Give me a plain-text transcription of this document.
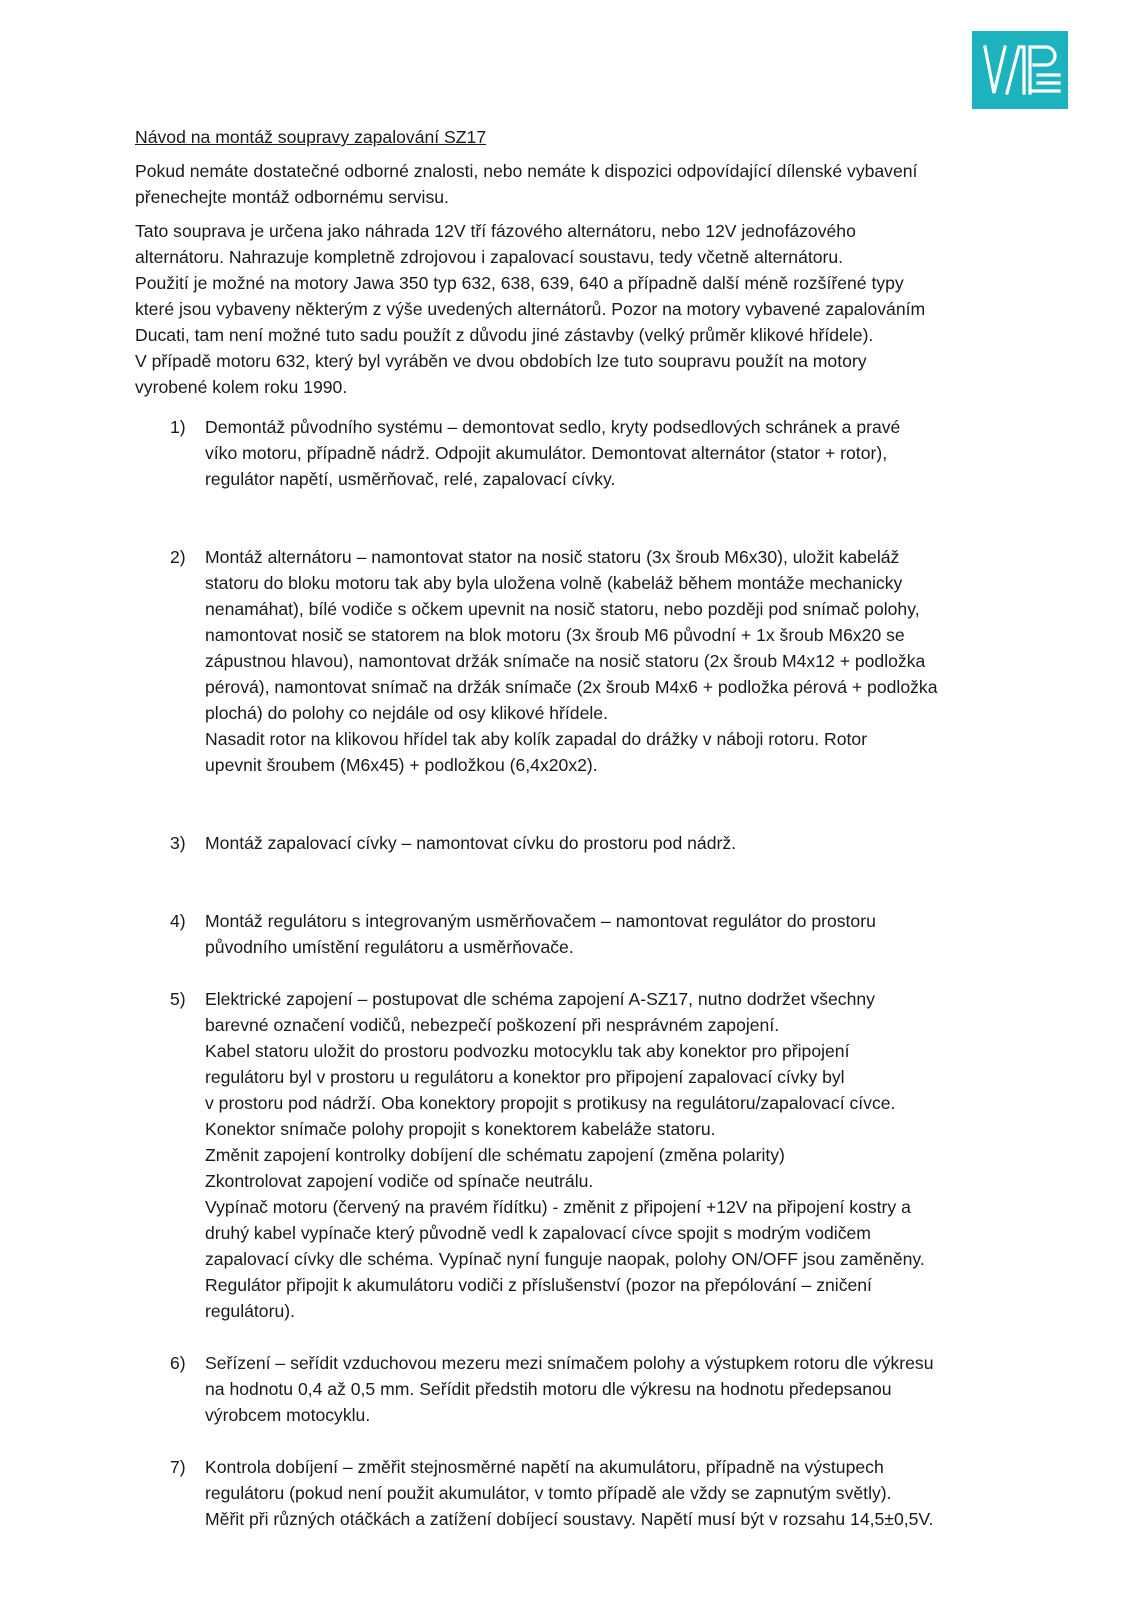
Návod na montáž soupravy zapalování SZ17
Pokud nemáte dostatečné odborné znalosti, nebo nemáte k dispozici odpovídající dílenské vybavení
přenechejte montáž odbornému servisu.
Tato souprava je určena jako náhrada 12V tří fázového alternátoru, nebo 12V jednofázového
alternátoru. Nahrazuje kompletně zdrojovou i zapalovací soustavu, tedy včetně alternátoru.
Použití je možné na motory Jawa 350 typ 632, 638, 639, 640 a případně další méně rozšířené typy
které jsou vybaveny některým z výše uvedených alternátorů. Pozor na motory vybavené zapalováním
Ducati, tam není možné tuto sadu použít z důvodu jiné zástavby (velký průměr klikové hřídele).
V případě motoru 632, který byl vyráběn ve dvou obdobích lze tuto soupravu použít na motory
vyrobené kolem roku 1990.
1) Demontáž původního systému – demontovat sedlo, kryty podsedlových schránek a pravé
víko motoru, případně nádrž. Odpojit akumulátor. Demontovat alternátor (stator + rotor),
regulátor napětí, usměrňovač, relé, zapalovací cívky.
2) Montáž alternátoru – namontovat stator na nosič statoru (3x šroub M6x30), uložit kabeláž
statoru do bloku motoru tak aby byla uložena volně (kabeláž během montáže mechanicky
nenamáhat), bílé vodiče s očkem upevnit na nosič statoru, nebo později pod snímač polohy,
namontovat nosič se statorem na blok motoru (3x šroub M6 původní + 1x šroub M6x20 se
zápustnou hlavou), namontovat držák snímače na nosič statoru (2x šroub M4x12 + podložka
pérová), namontovat snímač na držák snímače (2x šroub M4x6 + podložka pérová + podložka
plochá) do polohy co nejdále od osy klikové hřídele.
Nasadit rotor na klikovou hřídel tak aby kolík zapadal do drážky v náboji rotoru. Rotor
upevnit šroubem (M6x45) + podložkou (6,4x20x2).
3) Montáž zapalovací cívky – namontovat cívku do prostoru pod nádrž.
4) Montáž regulátoru s integrovaným usměrňovačem – namontovat regulátor do prostoru
původního umístění regulátoru a usměrňovače.
5) Elektrické zapojení – postupovat dle schéma zapojení A-SZ17, nutno dodržet všechny
barevné označení vodičů, nebezpečí poškození při nesprávném zapojení.
Kabel statoru uložit do prostoru podvozku motocyklu tak aby konektor pro připojení
regulátoru byl v prostoru u regulátoru a konektor pro připojení zapalovací cívky byl
v prostoru pod nádrží. Oba konektory propojit s protikusy na regulátoru/zapalovací cívce.
Konektor snímače polohy propojit s konektorem kabeláže statoru.
Změnit zapojení kontrolky dobíjení dle schématu zapojení (změna polarity)
Zkontrolovat zapojení vodiče od spínače neutrálu.
Vypínač motoru (červený na pravém řídítku) - změnit z připojení +12V na připojení kostry a
druhý kabel vypínače který původně vedl k zapalovací cívce spojit s modrým vodičem
zapalovací cívky dle schéma. Vypínač nyní funguje naopak, polohy ON/OFF jsou zaměněny.
Regulátor připojit k akumulátoru vodiči z příslušenství (pozor na přepólování – zničení
regulátoru).
6) Seřízení – seřídit vzduchovou mezeru mezi snímačem polohy a výstupkem rotoru dle výkresu
na hodnotu 0,4 až 0,5 mm. Seřídit předstih motoru dle výkresu na hodnotu předepsanou
výrobcem motocyklu.
7) Kontrola dobíjení – změřit stejnosměrné napětí na akumulátoru, případně na výstupech
regulátoru (pokud není použit akumulátor, v tomto případě ale vždy se zapnutým světly).
Měřit při různých otáčkách a zatížení dobíjecí soustavy. Napětí musí být v rozsahu 14,5±0,5V.
